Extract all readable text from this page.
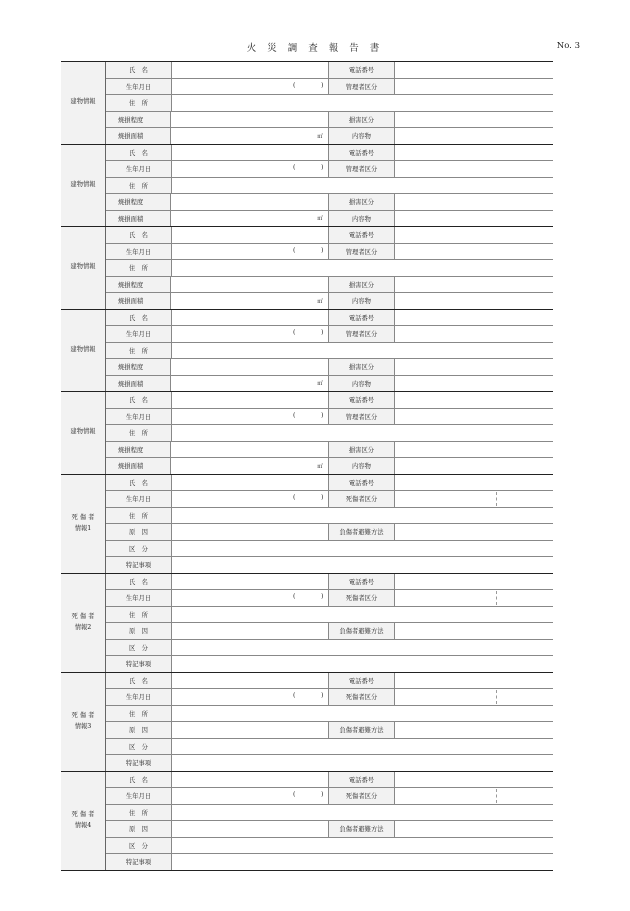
火 災 調 査 報 告 書	No. 3
建物情報
氏　名	電話番号
生年月日	(	)	管理者区分
住　所
焼損程度	損害区分
焼損面積	㎡	内容物
建物情報
氏　名	電話番号
生年月日	(	)	管理者区分
住　所
焼損程度	損害区分
焼損面積	㎡	内容物
建物情報
氏　名	電話番号
生年月日	(	)	管理者区分
住　所
焼損程度	損害区分
焼損面積	㎡	内容物
建物情報
氏　名	電話番号
生年月日	(	)	管理者区分
住　所
焼損程度	損害区分
焼損面積	㎡	内容物
建物情報
氏　名	電話番号
生年月日	(	)	管理者区分
住　所
焼損程度	損害区分
焼損面積	㎡	内容物
死 傷 者
情報1
氏　名	電話番号
生年月日	(	)	死傷者区分
住　所
原　因	負傷者避難方法
区　分
特記事項
死 傷 者
情報2
氏　名	電話番号
生年月日	(	)	死傷者区分
住　所
原　因	負傷者避難方法
区　分
特記事項
死 傷 者
情報3
氏　名	電話番号
生年月日	(	)	死傷者区分
住　所
原　因	負傷者避難方法
区　分
特記事項
死 傷 者
情報4
氏　名	電話番号
生年月日	(	)	死傷者区分
住　所
原　因	負傷者避難方法
区　分
特記事項
